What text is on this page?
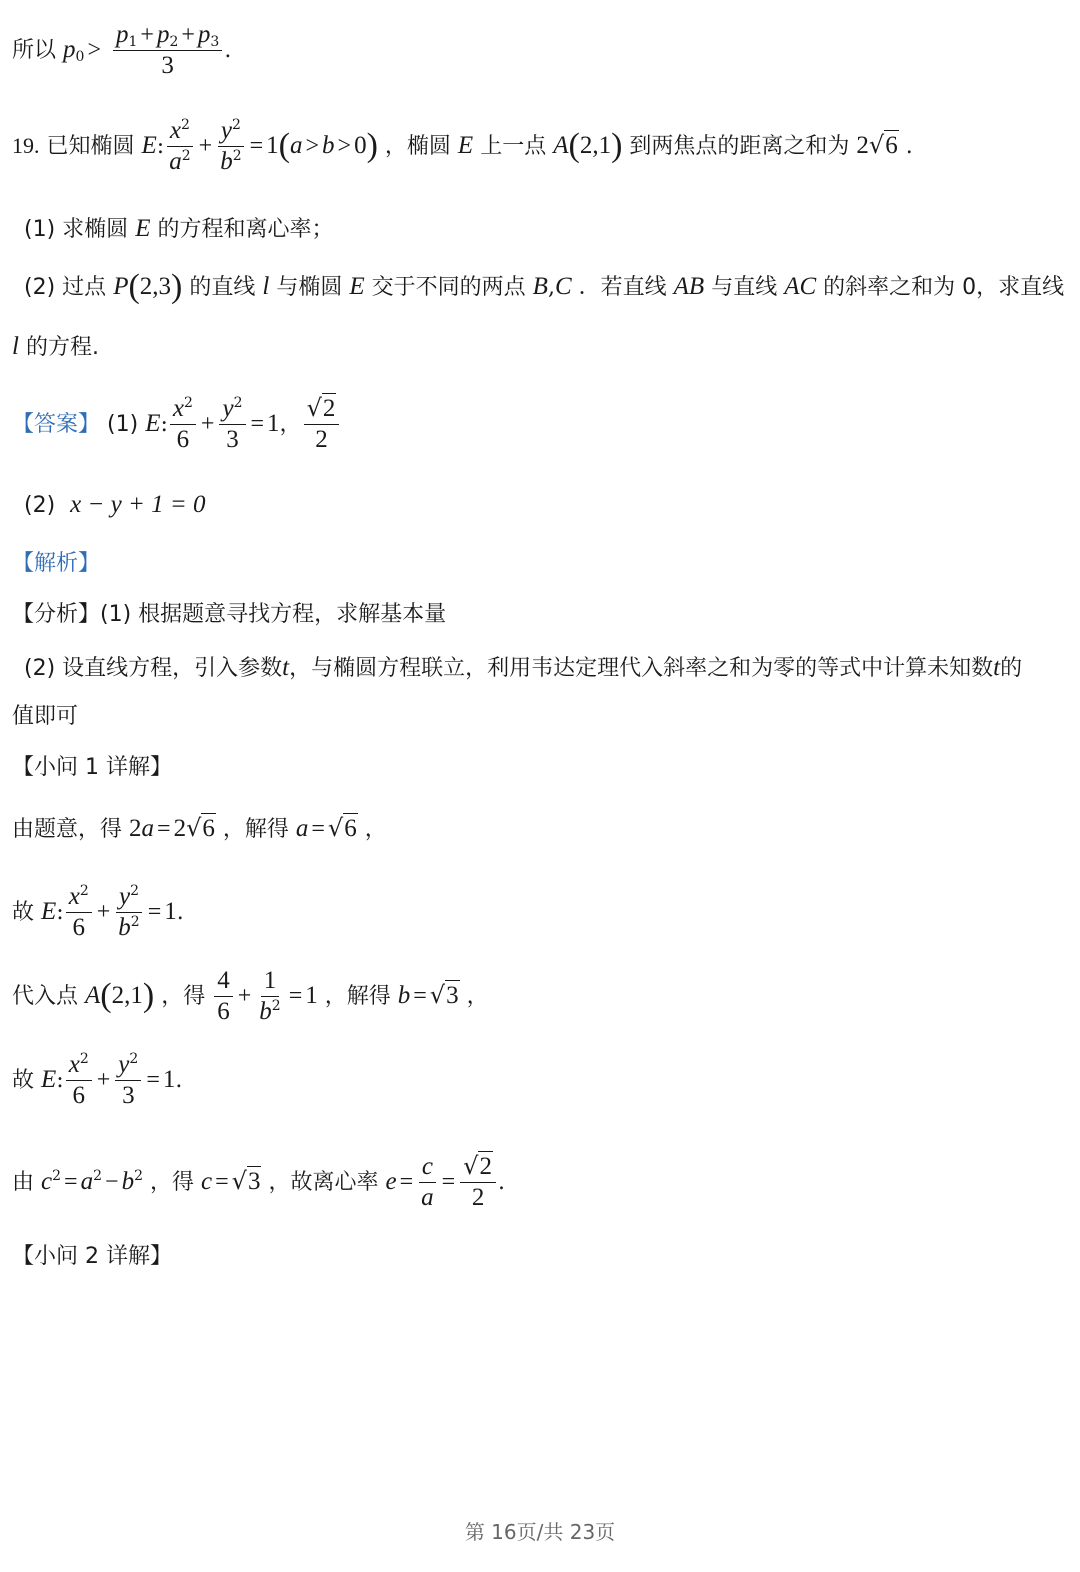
所以 $p_0 > \frac{p_1 + p_2 + p_3}{3}$ .
19. 已知椭圆 E: $\frac{x^2}{a^2} + \frac{y^2}{b^2} = 1(a > b > 0)$ ，椭圆 E 上一点 A(2,1) 到两焦点的距离之和为 2√6 .
(1) 求椭圆 E 的方程和离心率；
(2) 过点 P(2,3) 的直线 l 与椭圆 E 交于不同的两点 B,C ．若直线 AB 与直线 AC 的斜率之和为 0，求直线
l 的方程.
【答案】 (1) E: $\frac{x^2}{6} + \frac{y^2}{3} = 1$， $\frac{√2}{2}$
(2) x − y + 1 = 0
【解析】
【分析】(1) 根据题意寻找方程，求解基本量
(2) 设直线方程，引入参数t，与椭圆方程联立，利用韦达定理代入斜率之和为零的等式中计算未知数t的
值即可
【小问 1 详解】
由题意，得 2a = 2√6 ，解得 a = √6 ，
故 E: $\frac{x^2}{6} + \frac{y^2}{b^2} = 1$.
代入点 A(2,1) ，得 $\frac{4}{6} + \frac{1}{b^2} = 1$ ，解得 b = √3 ，
故 E: $\frac{x^2}{6} + \frac{y^2}{3} = 1$.
由 $c^2 = a^2 - b^2$ ，得 c = √3 ，故离心率 $e = \frac{c}{a} = \frac{√2}{2}$ .
【小问 2 详解】
第 16页/共 23页
